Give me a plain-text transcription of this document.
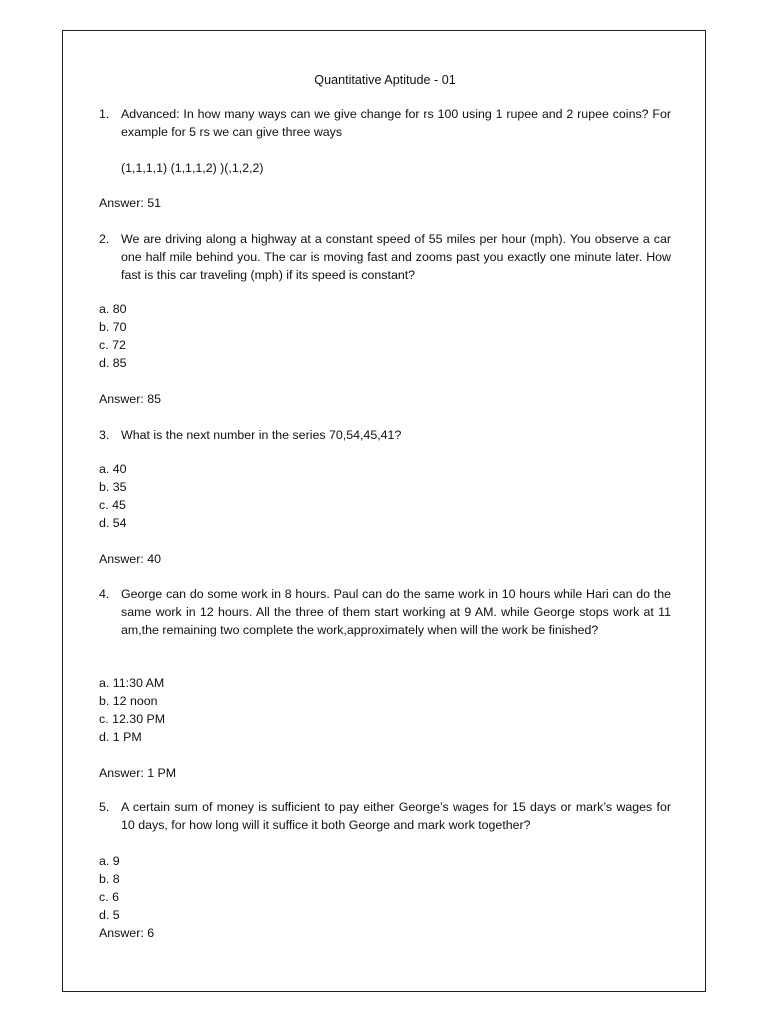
Quantitative Aptitude - 01
1. Advanced: In how many ways can we give change for rs 100 using 1 rupee and 2 rupee coins? For example for 5 rs we can give three ways
(1,1,1,1) (1,1,1,2) )(,1,2,2)
Answer: 51
2. We are driving along a highway at a constant speed of 55 miles per hour (mph). You observe a car one half mile behind you. The car is moving fast and zooms past you exactly one minute later. How fast is this car traveling (mph) if its speed is constant?
a. 80
b. 70
c. 72
d. 85
Answer: 85
3. What is the next number in the series 70,54,45,41?
a. 40
b. 35
c. 45
d. 54
Answer: 40
4. George can do some work in 8 hours. Paul can do the same work in 10 hours while Hari can do the same work in 12 hours. All the three of them start working at 9 AM. while George stops work at 11 am,the remaining two complete the work,approximately when will the work be finished?
a. 11:30 AM
b. 12 noon
c. 12.30 PM
d. 1 PM
Answer: 1 PM
5. A certain sum of money is sufficient to pay either George’s wages for 15 days or mark’s wages for 10 days, for how long will it suffice it both George and mark work together?
a. 9
b. 8
c. 6
d. 5
Answer: 6
